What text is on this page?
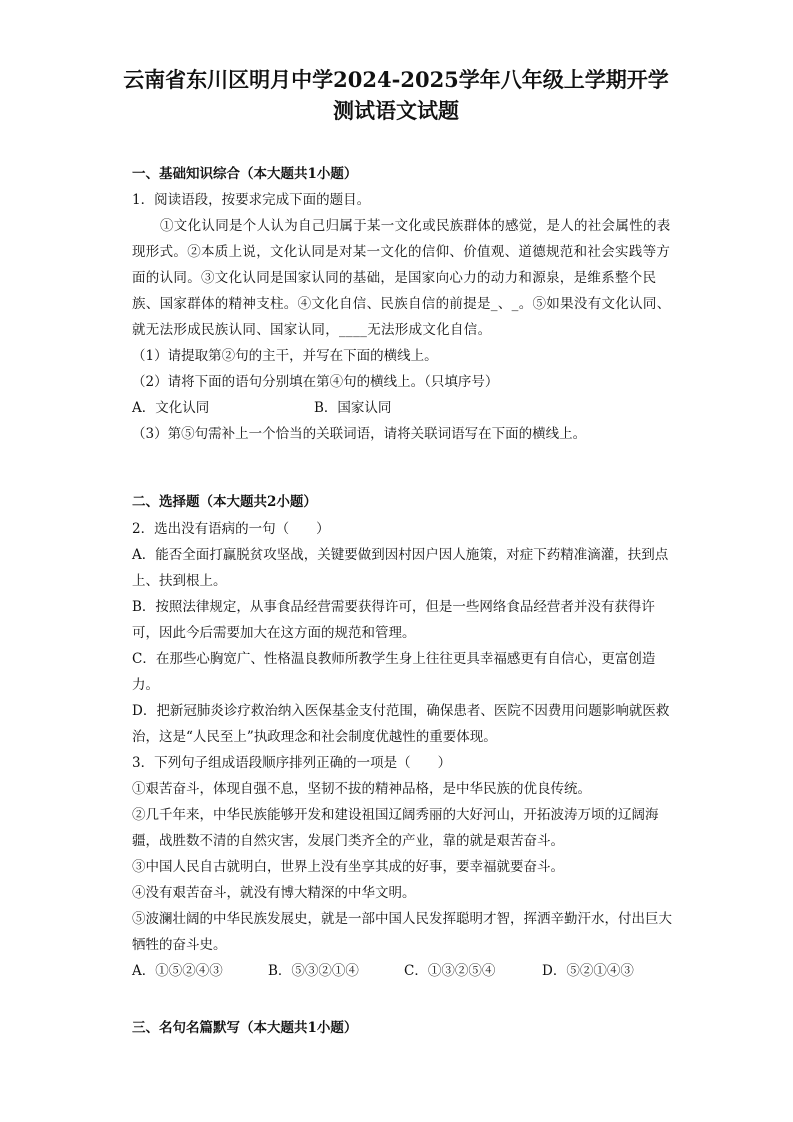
云南省东川区明月中学2024-2025学年八年级上学期开学
测试语文试题
一、基础知识综合（本大题共1小题）

1．阅读语段，按要求完成下面的题目。

①文化认同是个人认为自己归属于某一文化或民族群体的感觉，是人的社会属性的表现形式。②本质上说，文化认同是对某一文化的信仰、价值观、道德规范和社会实践等方面的认同。③文化认同是国家认同的基础，是国家向心力的动力和源泉，是维系整个民族、国家群体的精神支柱。④文化自信、民族自信的前提是_、_。⑤如果没有文化认同、就无法形成民族认同、国家认同，____无法形成文化自信。

（1）请提取第②句的主干，并写在下面的横线上。

（2）请将下面的语句分别填在第④句的横线上。（只填序号）

A．文化认同	B．国家认同

（3）第⑤句需补上一个恰当的关联词语，请将关联词语写在下面的横线上。

二、选择题（本大题共2小题）

2．选出没有语病的一句（　　）

A．能否全面打赢脱贫攻坚战，关键要做到因村因户因人施策，对症下药精准滴灌，扶到点上、扶到根上。

B．按照法律规定，从事食品经营需要获得许可，但是一些网络食品经营者并没有获得许可，因此今后需要加大在这方面的规范和管理。

C．在那些心胸宽广、性格温良教师所教学生身上往往更具幸福感更有自信心，更富创造力。

D．把新冠肺炎诊疗救治纳入医保基金支付范围，确保患者、医院不因费用问题影响就医救治，这是“人民至上”执政理念和社会制度优越性的重要体现。

3．下列句子组成语段顺序排列正确的一项是（　　）

①艰苦奋斗，体现自强不息，坚韧不拔的精神品格，是中华民族的优良传统。

②几千年来，中华民族能够开发和建设祖国辽阔秀丽的大好河山，开拓波涛万顷的辽阔海疆，战胜数不清的自然灾害，发展门类齐全的产业，靠的就是艰苦奋斗。

③中国人民自古就明白，世界上没有坐享其成的好事，要幸福就要奋斗。

④没有艰苦奋斗，就没有博大精深的中华文明。

⑤波澜壮阔的中华民族发展史，就是一部中国人民发挥聪明才智，挥洒辛勤汗水，付出巨大牺牲的奋斗史。

A．①⑤②④③	B．⑤③②①④	C．①③②⑤④	D．⑤②①④③
三、名句名篇默写（本大题共1小题）
